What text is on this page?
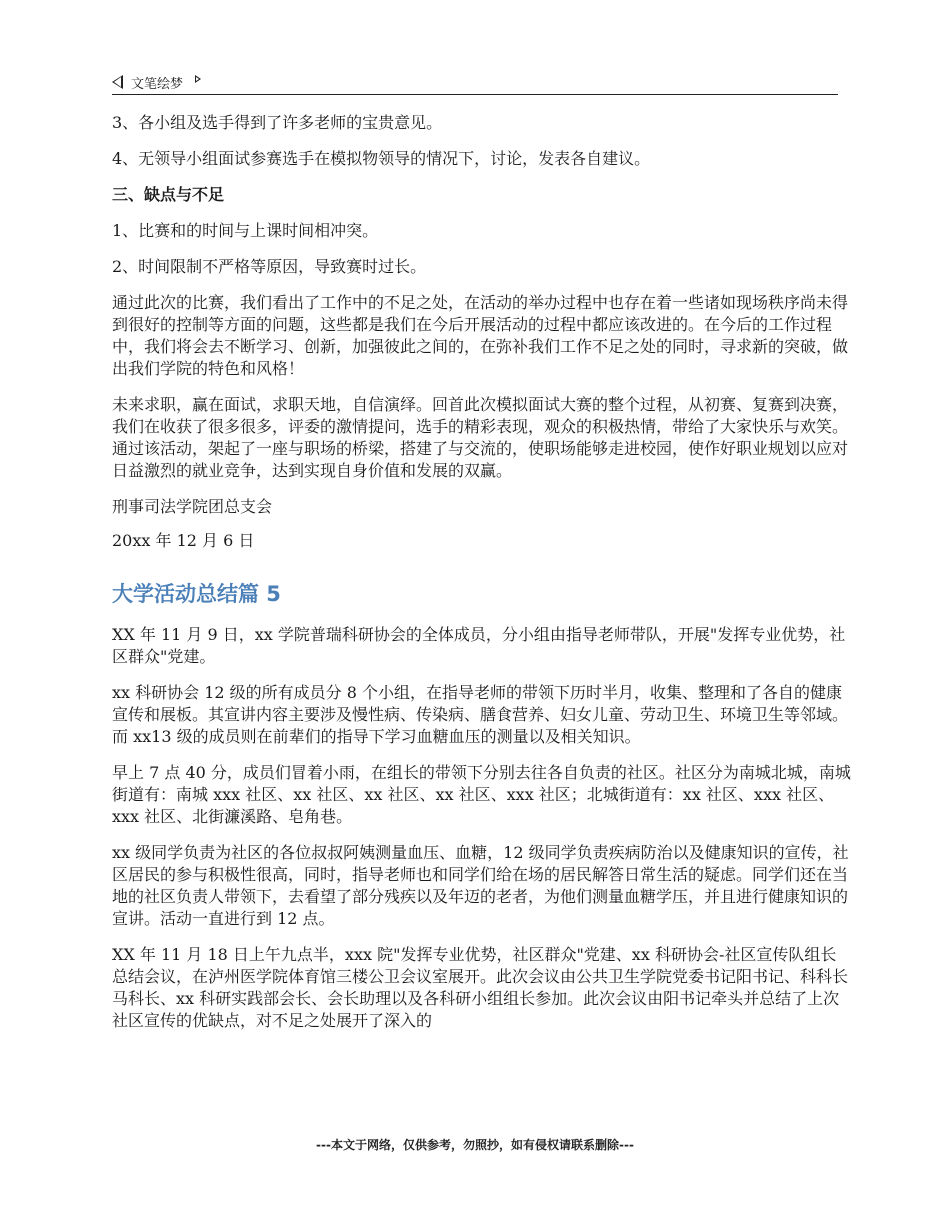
文笔绘梦

3、各小组及选手得到了许多老师的宝贵意见。

4、无领导小组面试参赛选手在模拟物领导的情况下，讨论，发表各自建议。

三、缺点与不足

1、比赛和的时间与上课时间相冲突。

2、时间限制不严格等原因，导致赛时过长。

通过此次的比赛，我们看出了工作中的不足之处，在活动的举办过程中也存在着一些诸如现场秩序尚未得到很好的控制等方面的问题，这些都是我们在今后开展活动的过程中都应该改进的。在今后的工作过程中，我们将会去不断学习、创新，加强彼此之间的，在弥补我们工作不足之处的同时，寻求新的突破，做出我们学院的特色和风格！

未来求职，赢在面试，求职天地，自信演绎。回首此次模拟面试大赛的整个过程，从初赛、复赛到决赛，我们在收获了很多很多，评委的激情提问，选手的精彩表现，观众的积极热情，带给了大家快乐与欢笑。通过该活动，架起了一座与职场的桥梁，搭建了与交流的，使职场能够走进校园，使作好职业规划以应对日益激烈的就业竞争，达到实现自身价值和发展的双赢。

刑事司法学院团总支会

20xx 年 12 月 6 日

大学活动总结篇 5

XX 年 11 月 9 日，xx 学院普瑞科研协会的全体成员，分小组由指导老师带队，开展"发挥专业优势，社区群众"党建。

xx 科研协会 12 级的所有成员分 8 个小组，在指导老师的带领下历时半月，收集、整理和了各自的健康宣传和展板。其宣讲内容主要涉及慢性病、传染病、膳食营养、妇女儿童、劳动卫生、环境卫生等邻域。而 xx13 级的成员则在前辈们的指导下学习血糖血压的测量以及相关知识。

早上 7 点 40 分，成员们冒着小雨，在组长的带领下分别去往各自负责的社区。社区分为南城北城，南城街道有：南城 xxx 社区、xx 社区、xx 社区、xx 社区、xxx 社区；北城街道有：xx 社区、xxx 社区、xxx 社区、北街濂溪路、皂角巷。

xx 级同学负责为社区的各位叔叔阿姨测量血压、血糖，12 级同学负责疾病防治以及健康知识的宣传，社区居民的参与积极性很高，同时，指导老师也和同学们给在场的居民解答日常生活的疑虑。同学们还在当地的社区负责人带领下，去看望了部分残疾以及年迈的老者，为他们测量血糖学压，并且进行健康知识的宣讲。活动一直进行到 12 点。

XX 年 11 月 18 日上午九点半，xxx 院"发挥专业优势，社区群众"党建、xx 科研协会-社区宣传队组长总结会议，在泸州医学院体育馆三楼公卫会议室展开。此次会议由公共卫生学院党委书记阳书记、科科长马科长、xx 科研实践部会长、会长助理以及各科研小组组长参加。此次会议由阳书记牵头并总结了上次社区宣传的优缺点，对不足之处展开了深入的

---本文于网络，仅供参考，勿照抄，如有侵权请联系删除---
